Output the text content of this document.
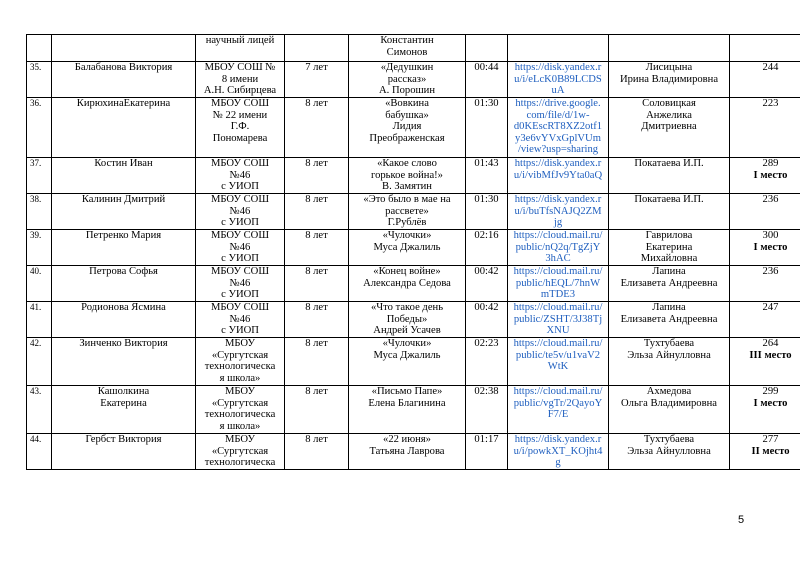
		научный лицей		Константин
Симонов				
35.	Балабанова Виктория	МБОУ СОШ №
8 имени
А.Н. Сибирцева	7 лет	«Дедушкин
рассказ»
А. Порошин	00:44	https://disk.yandex.r
u/i/eLcK0B89LCDS
uA	Лисицына
Ирина Владимировна	244
36.	КирюхинаЕкатерина	МБОУ СОШ
№ 22 имени
Г.Ф.
Пономарева	8 лет	«Вовкина
бабушка»
Лидия
Преображенская	01:30	https://drive.google.
com/file/d/1w-
d0KEscRT8XZ2otf1
y3e6vYVxGplVUm
/view?usp=sharing	Соловицкая
Анжелика
Дмитриевна	223
37.	Костин Иван	МБОУ СОШ
№46
с УИОП	8 лет	«Какое слово
горькое война!»
В. Замятин	01:43	https://disk.yandex.r
u/i/vibMfJv9Yta0aQ	Покатаева И.П.	289
I место

38.	Калинин Дмитрий	МБОУ СОШ
№46
с УИОП	8 лет	«Это было в мае на
рассвете»
Г.Рублёв	01:30	https://disk.yandex.r
u/i/buTfsNAJQ2ZM
jg	Покатаева И.П.	236
39.	Петренко Мария	МБОУ СОШ
№46
с УИОП	8 лет	«Чулочки»
Муса Джалиль	02:16	https://cloud.mail.ru/
public/nQ2q/TgZjY
3hAC	Гаврилова
Екатерина
Михайловна	300
I место

40.	Петрова Софья	МБОУ СОШ
№46
с УИОП	8 лет	«Конец войне»
Александра Седова	00:42	https://cloud.mail.ru/
public/hEQL/7hnW
mTDE3	Лапина
Елизавета Андреевна	236
41.	Родионова Ясмина	МБОУ СОШ
№46
с УИОП	8 лет	«Что такое день
Победы»
Андрей Усачев	00:42	https://cloud.mail.ru/
public/ZSHT/3J38Tj
XNU	Лапина
Елизавета Андреевна	247
42.	Зинченко Виктория	МБОУ
«Сургутская
технологическа
я школа»	8 лет	«Чулочки»
Муса Джалиль	02:23	https://cloud.mail.ru/
public/te5v/u1vaV2
WtK	Тухтубаева
Эльза Айнулловна	264
III место

43.	Кашолкина
Екатерина	МБОУ
«Сургутская
технологическа
я школа»	8 лет	«Письмо Папе»
Елена Благинина	02:38	https://cloud.mail.ru/
public/vgTr/2QayoY
F7/E	Ахмедова
Ольга Владимировна	299
I место

44.	Гербст Виктория	МБОУ
«Сургутская
технологическа	8 лет	«22 июня»
Татьяна Лаврова	01:17	https://disk.yandex.r
u/i/powkXT_KOjht4
g	Тухтубаева
Эльза Айнулловна	277
II место
5
